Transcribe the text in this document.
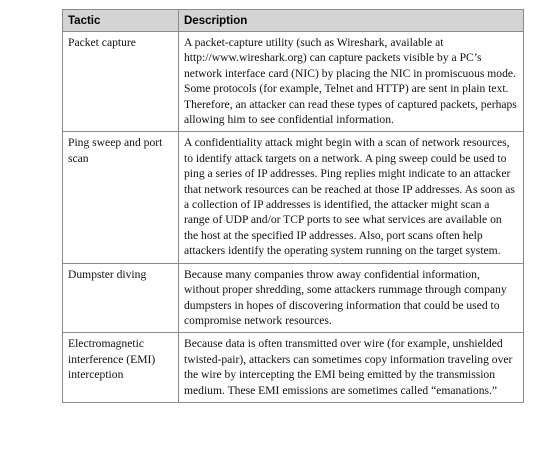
Tactic	Description
Packet capture	A packet-capture utility (such as Wireshark, available at http://www.wireshark.org) can capture packets visible by a PC’s network interface card (NIC) by placing the NIC in promiscuous mode. Some protocols (for example, Telnet and HTTP) are sent in plain text. Therefore, an attacker can read these types of captured packets, perhaps allowing him to see confidential information.
Ping sweep and port scan	A confidentiality attack might begin with a scan of network resources, to identify attack targets on a network. A ping sweep could be used to ping a series of IP addresses. Ping replies might indicate to an attacker that network resources can be reached at those IP addresses. As soon as a collection of IP addresses is identified, the attacker might scan a range of UDP and/or TCP ports to see what services are available on the host at the specified IP addresses. Also, port scans often help attackers identify the operating system running on the target system.
Dumpster diving	Because many companies throw away confidential information, without proper shredding, some attackers rummage through company dumpsters in hopes of discovering information that could be used to compromise network resources.
Electromagnetic interference (EMI) interception	Because data is often transmitted over wire (for example, unshielded twisted-pair), attackers can sometimes copy information traveling over the wire by intercepting the EMI being emitted by the transmission medium. These EMI emissions are sometimes called “emanations.”
